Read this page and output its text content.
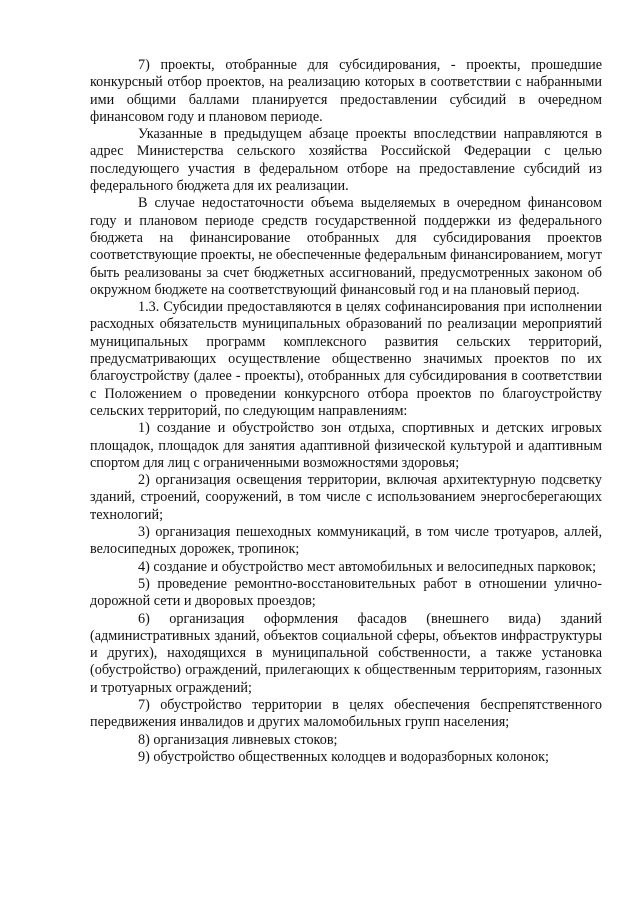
7) проекты, отобранные для субсидирования, - проекты, прошедшие конкурсный отбор проектов, на реализацию которых в соответствии с набранными ими общими баллами планируется предоставлении субсидий в очередном финансовом году и плановом периоде.

Указанные в предыдущем абзаце проекты впоследствии направляются в адрес Министерства сельского хозяйства Российской Федерации с целью последующего участия в федеральном отборе на предоставление субсидий из федерального бюджета для их реализации.

В случае недостаточности объема выделяемых в очередном финансовом году и плановом периоде средств государственной поддержки из федерального бюджета на финансирование отобранных для субсидирования проектов соответствующие проекты, не обеспеченные федеральным финансированием, могут быть реализованы за счет бюджетных ассигнований, предусмотренных законом об окружном бюджете на соответствующий финансовый год и на плановый период.

1.3. Субсидии предоставляются в целях софинансирования при исполнении расходных обязательств муниципальных образований по реализации мероприятий муниципальных программ комплексного развития сельских территорий, предусматривающих осуществление общественно значимых проектов по их благоустройству (далее - проекты), отобранных для субсидирования в соответствии с Положением о проведении конкурсного отбора проектов по благоустройству сельских территорий, по следующим направлениям:

1) создание и обустройство зон отдыха, спортивных и детских игровых площадок, площадок для занятия адаптивной физической культурой и адаптивным спортом для лиц с ограниченными возможностями здоровья;

2) организация освещения территории, включая архитектурную подсветку зданий, строений, сооружений, в том числе с использованием энергосберегающих технологий;

3) организация пешеходных коммуникаций, в том числе тротуаров, аллей, велосипедных дорожек, тропинок;

4) создание и обустройство мест автомобильных и велосипедных парковок;

5) проведение ремонтно-восстановительных работ в отношении улично-дорожной сети и дворовых проездов;

6) организация оформления фасадов (внешнего вида) зданий (административных зданий, объектов социальной сферы, объектов инфраструктуры и других), находящихся в муниципальной собственности, а также установка (обустройство) ограждений, прилегающих к общественным территориям, газонных и тротуарных ограждений;

7) обустройство территории в целях обеспечения беспрепятственного передвижения инвалидов и других маломобильных групп населения;

8) организация ливневых стоков;

9) обустройство общественных колодцев и водоразборных колонок;
